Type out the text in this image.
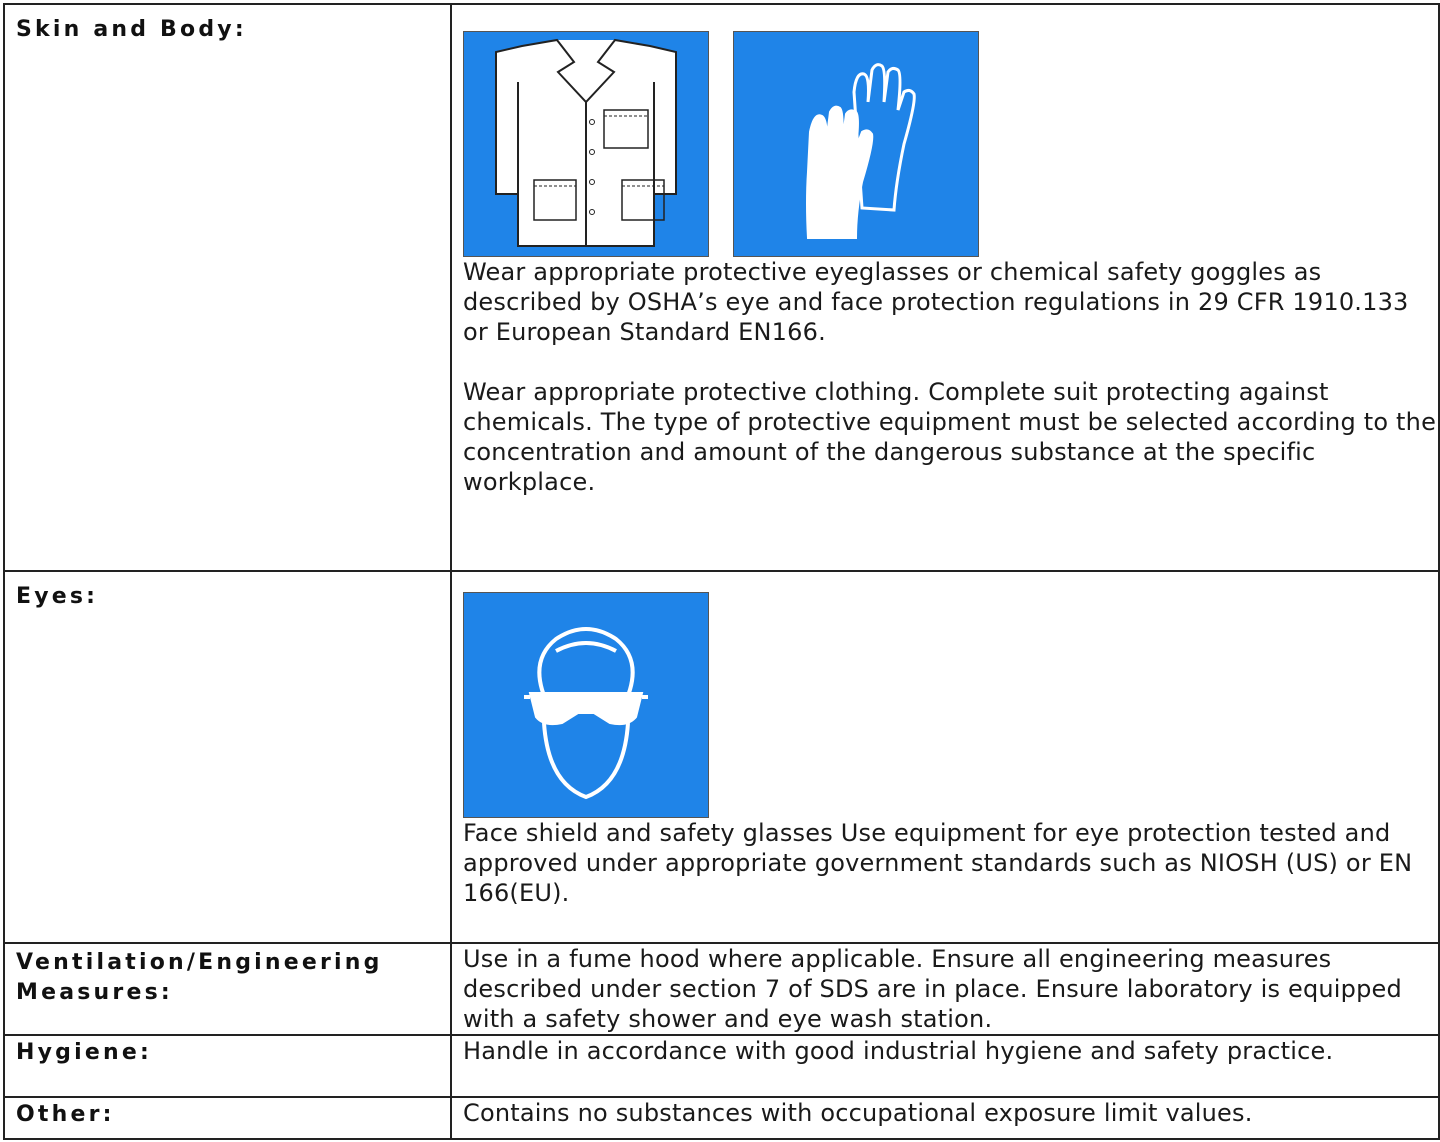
Skin and Body:	Wear appropriate protective eyeglasses or chemical safety goggles as described by OSHA’s eye and face protection regulations in 29 CFR 1910.133 or European Standard EN166.

Wear appropriate protective clothing. Complete suit protecting against chemicals. The type of protective equipment must be selected according to the concentration and amount of the dangerous substance at the specific workplace.

Eyes:	Face shield and safety glasses Use equipment for eye protection tested and approved under appropriate government standards such as NIOSH (US) or EN 166(EU).

Ventilation/Engineering
Measures:	Use in a fume hood where applicable. Ensure all engineering measures described under section 7 of SDS are in place. Ensure laboratory is equipped with a safety shower and eye wash station.

Hygiene:	Handle in accordance with good industrial hygiene and safety practice.

Other:	Contains no substances with occupational exposure limit values.
